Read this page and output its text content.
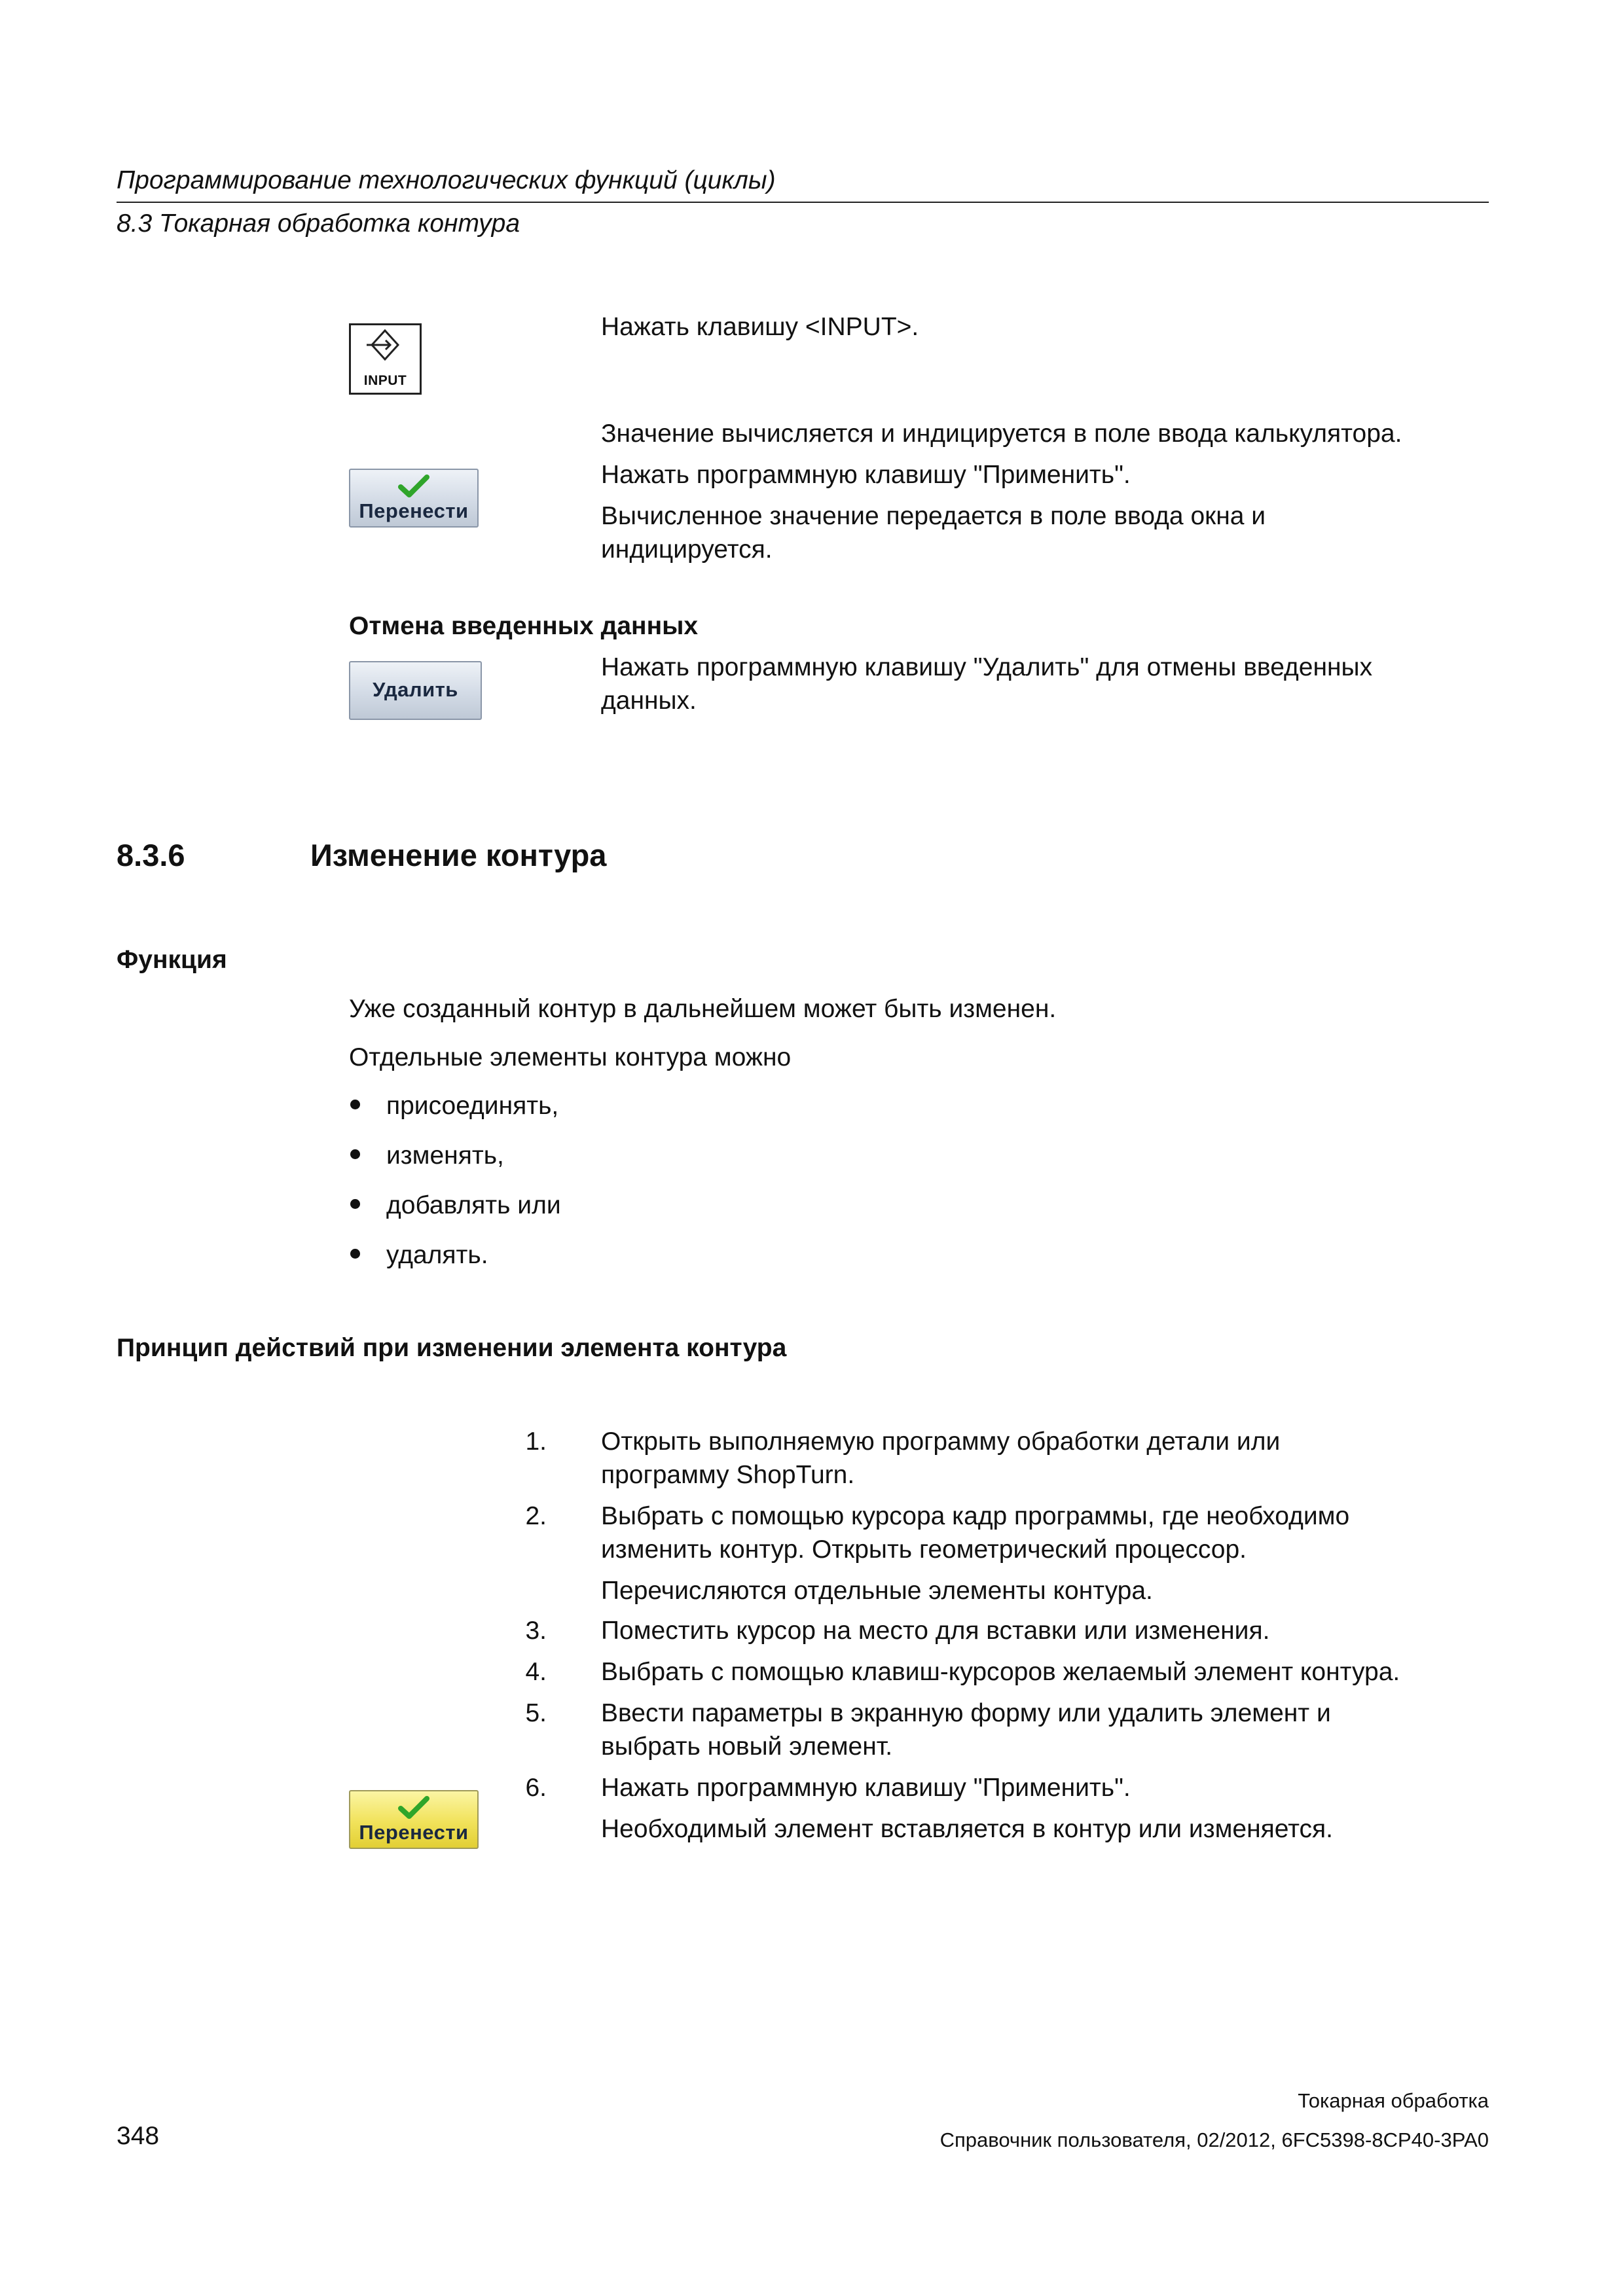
Программирование технологических функций (циклы)
8.3 Токарная обработка контура
INPUT
Нажать клавишу <INPUT>.
Перенести
Значение вычисляется и индицируется в поле ввода калькулятора.
Нажать программную клавишу "Применить".
Вычисленное значение передается в поле ввода окна и
индицируется.
Отмена введенных данных
Удалить
Нажать программную клавишу "Удалить" для отмены введенных
данных.
8.3.6	Изменение контура
Функция
Уже созданный контур в дальнейшем может быть изменен.
Отдельные элементы контура можно
присоединять,
изменять,
добавлять или
удалять.
Принцип действий при изменении элемента контура
1. Открыть выполняемую программу обработки детали или
программу ShopTurn.
2. Выбрать с помощью курсора кадр программы, где необходимо
изменить контур. Открыть геометрический процессор.
Перечисляются отдельные элементы контура.
3. Поместить курсор на место для вставки или изменения.
4. Выбрать с помощью клавиш-курсоров желаемый элемент контура.
5. Ввести параметры в экранную форму или удалить элемент и
выбрать новый элемент.
Перенести
6. Нажать программную клавишу "Применить".
Необходимый элемент вставляется в контур или изменяется.
348
Токарная обработка
Справочник пользователя, 02/2012, 6FC5398-8CP40-3PA0
